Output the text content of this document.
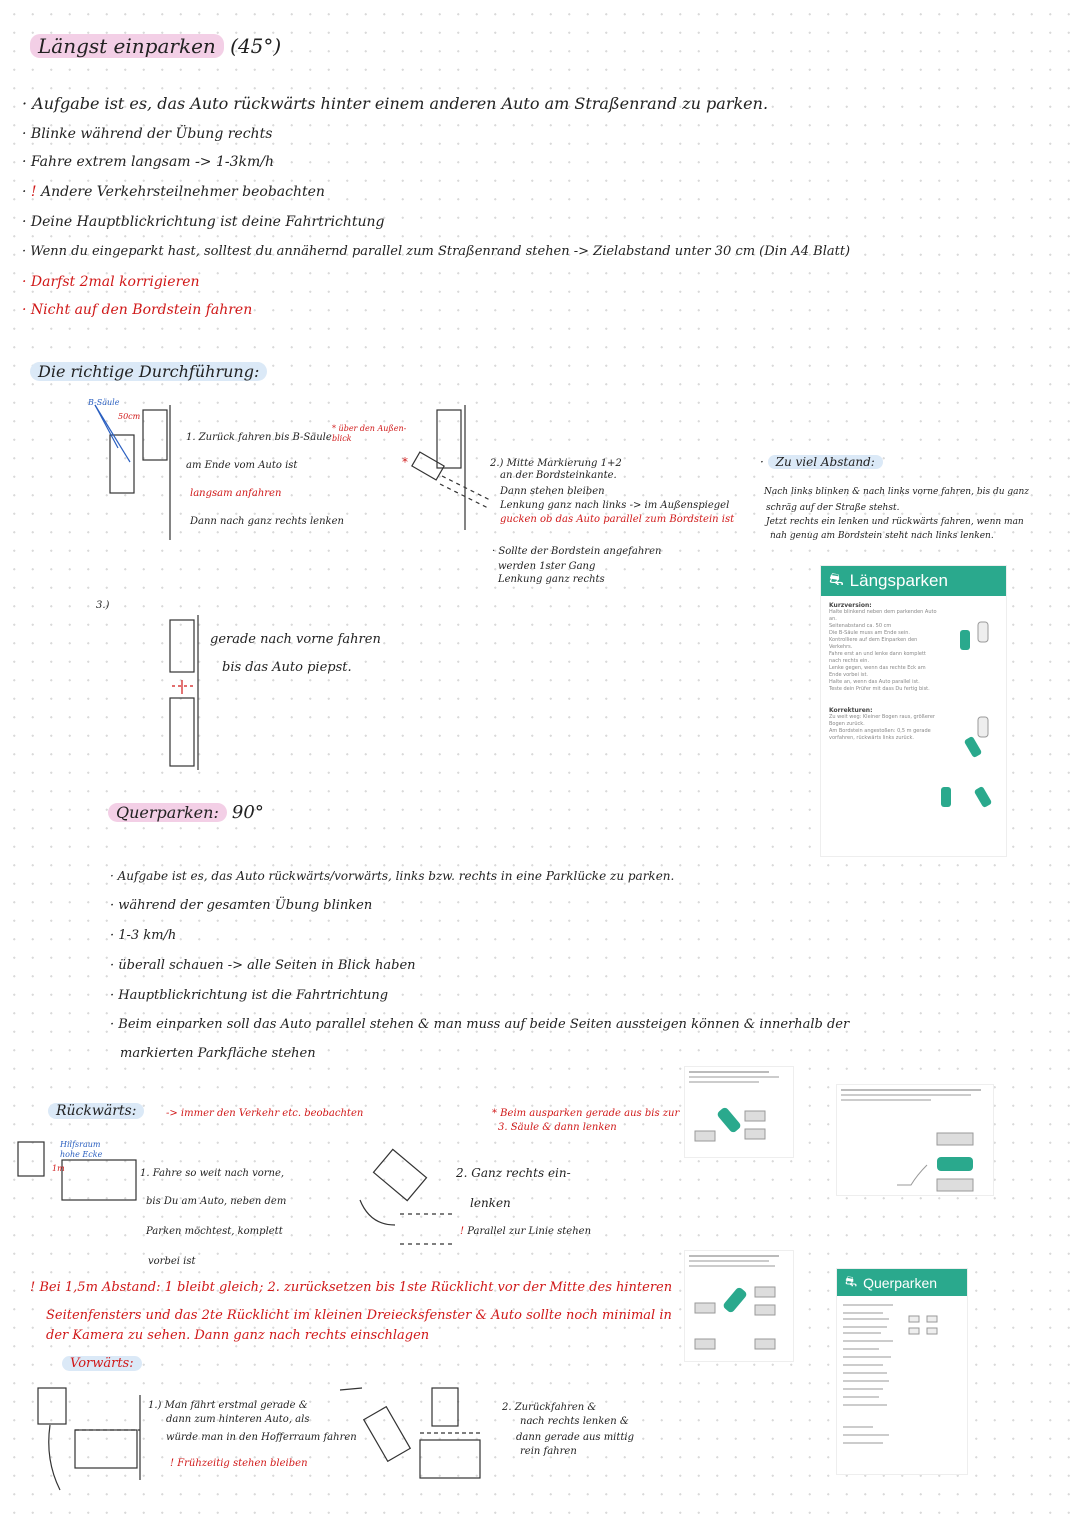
Längst einparken (45°)
· Aufgabe ist es, das Auto rückwärts hinter einem anderen Auto am Straßenrand zu parken.
· Blinke während der Übung rechts
· Fahre extrem langsam -> 1-3km/h
· ! Andere Verkehrsteilnehmer beobachten
· Deine Hauptblickrichtung ist deine Fahrtrichtung
· Wenn du eingeparkt hast, solltest du annähernd parallel zum Straßenrand stehen -> Zielabstand unter 30 cm (Din A4 Blatt)
· Darfst 2mal korrigieren
· Nicht auf den Bordstein fahren
Die richtige Durchführung:
B-Säule
50cm
*
1. Zurück fahren bis B-Säule
* über den Außen-blick
am Ende vom Auto ist
langsam anfahren
Dann nach ganz rechts lenken
2.) Mitte Markierung 1+2
an der Bordsteinkante.
Dann stehen bleiben
Lenkung ganz nach links -> im Außenspiegel
gucken ob das Auto parallel zum Bordstein ist
· Sollte der Bordstein angefahren
werden 1ster Gang
Lenkung ganz rechts
· Zu viel Abstand:
Nach links blinken & nach links vorne fahren, bis du ganz
schräg auf der Straße stehst.
Jetzt rechts ein lenken und rückwärts fahren, wenn man
nah genug am Bordstein steht nach links lenken.
3.)
gerade nach vorne fahren
bis das Auto piepst.
⛐ Längsparken
Kurzversion:
Halte blinkend neben dem parkenden Auto an.
Seitenabstand ca. 50 cm
Die B-Säule muss am Ende sein.
Kontrolliere auf dem Einparken den Verkehrs.
Fahre erst an und lenke dann komplett nach rechts ein.
Lenke gegen, wenn das rechte Eck am Ende vorbei ist.
Halte an, wenn das Auto parallel ist.
Teste dein Prüfer mit dass Du fertig bist.
Korrekturen:
Zu weit weg: Kleiner Bogen raus, größerer Bogen zurück.
Am Bordstein angestoßen: 0,5 m gerade vorfahren, rückwärts links zurück.
Querparken: 90°
· Aufgabe ist es, das Auto rückwärts/vorwärts, links bzw. rechts in eine Parklücke zu parken.
· während der gesamten Übung blinken
· 1-3 km/h
· überall schauen -> alle Seiten in Blick haben
· Hauptblickrichtung ist die Fahrtrichtung
· Beim einparken soll das Auto parallel stehen & man muss auf beide Seiten aussteigen können & innerhalb der
markierten Parkfläche stehen
Rückwärts:	-> immer den Verkehr etc. beobachten
Hilfsraum hohe Ecke
1m	1. Fahre so weit nach vorne,
bis Du am Auto, neben dem
Parken möchtest, komplett
vorbei ist
* Beim ausparken gerade aus bis zur
3. Säule & dann lenken
2. Ganz rechts ein-
lenken
! Parallel zur Linie stehen
! Bei 1,5m Abstand: 1 bleibt gleich; 2. zurücksetzen bis 1ste Rücklicht vor der Mitte des hinteren
Seitenfensters und das 2te Rücklicht im kleinen Dreiecksfenster & Auto sollte noch minimal in
der Kamera zu sehen. Dann ganz nach rechts einschlagen
Vorwärts:
1.) Man fährt erstmal gerade &
dann zum hinteren Auto, als
würde man in den Hofferraum fahren
! Frühzeitig stehen bleiben
2. Zurückfahren &
nach rechts lenken &
dann gerade aus mittig
rein fahren
⛐ Querparken
